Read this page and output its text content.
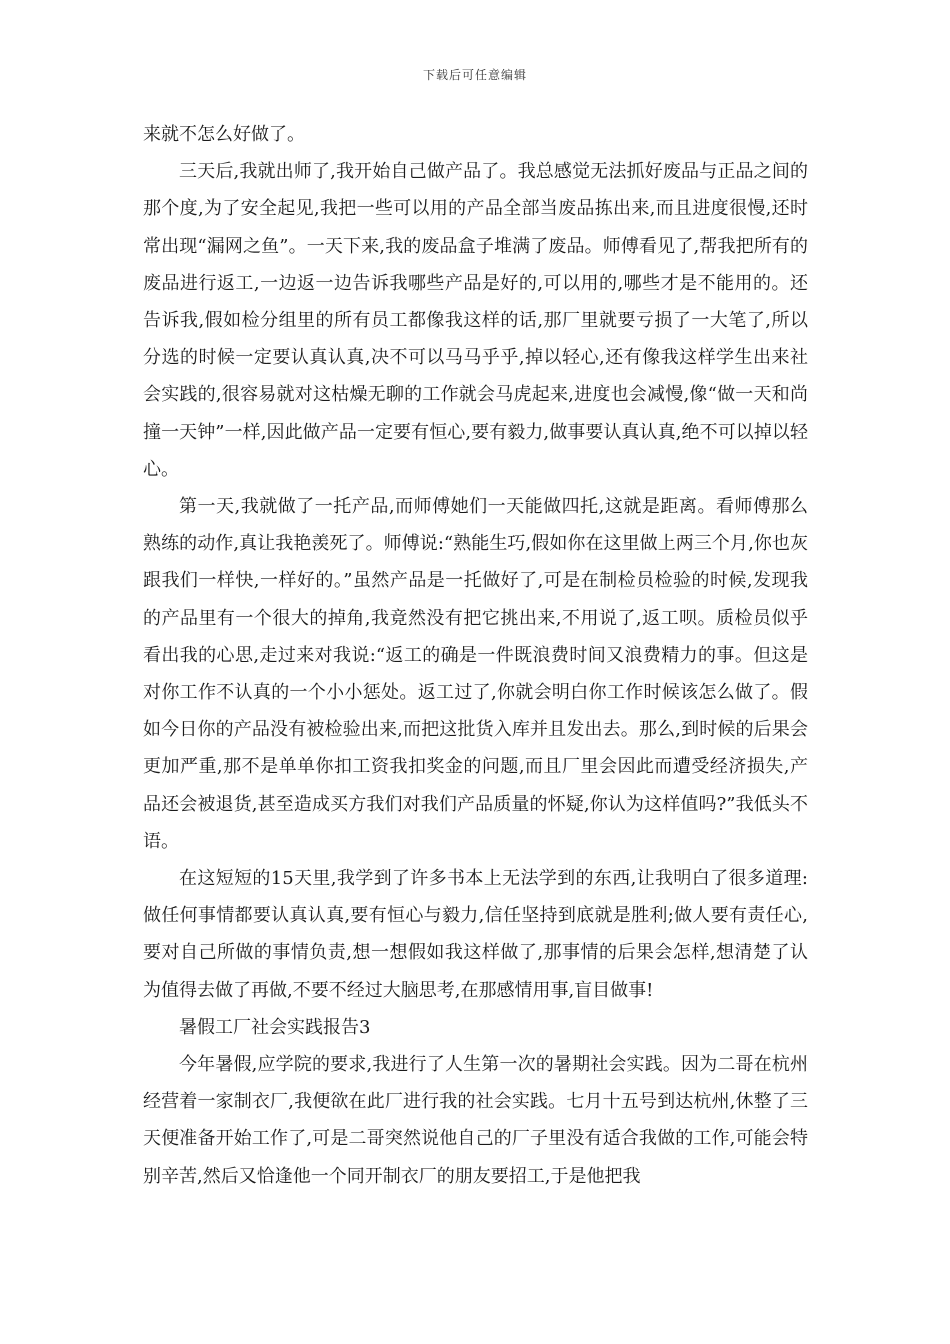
下载后可任意编辑

来就不怎么好做了。

三天后,我就出师了,我开始自己做产品了。我总感觉无法抓好废品与正品之间的那个度,为了安全起见,我把一些可以用的产品全部当废品拣出来,而且进度很慢,还时常出现“漏网之鱼”。一天下来,我的废品盒子堆满了废品。师傅看见了,帮我把所有的废品进行返工,一边返一边告诉我哪些产品是好的,可以用的,哪些才是不能用的。还告诉我,假如检分组里的所有员工都像我这样的话,那厂里就要亏损了一大笔了,所以分选的时候一定要认真认真,决不可以马马乎乎,掉以轻心,还有像我这样学生出来社会实践的,很容易就对这枯燥无聊的工作就会马虎起来,进度也会减慢,像“做一天和尚撞一天钟”一样,因此做产品一定要有恒心,要有毅力,做事要认真认真,绝不可以掉以轻心。

第一天,我就做了一托产品,而师傅她们一天能做四托,这就是距离。看师傅那么熟练的动作,真让我艳羡死了。师傅说:“熟能生巧,假如你在这里做上两三个月,你也灰跟我们一样快,一样好的。”虽然产品是一托做好了,可是在制检员检验的时候,发现我的产品里有一个很大的掉角,我竟然没有把它挑出来,不用说了,返工呗。质检员似乎看出我的心思,走过来对我说:“返工的确是一件既浪费时间又浪费精力的事。但这是对你工作不认真的一个小小惩处。返工过了,你就会明白你工作时候该怎么做了。假如今日你的产品没有被检验出来,而把这批货入库并且发出去。那么,到时候的后果会更加严重,那不是单单你扣工资我扣奖金的问题,而且厂里会因此而遭受经济损失,产品还会被退货,甚至造成买方我们对我们产品质量的怀疑,你认为这样值吗?”我低头不语。

在这短短的15天里,我学到了许多书本上无法学到的东西,让我明白了很多道理:做任何事情都要认真认真,要有恒心与毅力,信任坚持到底就是胜利;做人要有责任心,要对自己所做的事情负责,想一想假如我这样做了,那事情的后果会怎样,想清楚了认为值得去做了再做,不要不经过大脑思考,在那感情用事,盲目做事!

暑假工厂社会实践报告3

今年暑假,应学院的要求,我进行了人生第一次的暑期社会实践。因为二哥在杭州经营着一家制衣厂,我便欲在此厂进行我的社会实践。七月十五号到达杭州,休整了三天便准备开始工作了,可是二哥突然说他自己的厂子里没有适合我做的工作,可能会特别辛苦,然后又恰逢他一个同开制衣厂的朋友要招工,于是他把我
